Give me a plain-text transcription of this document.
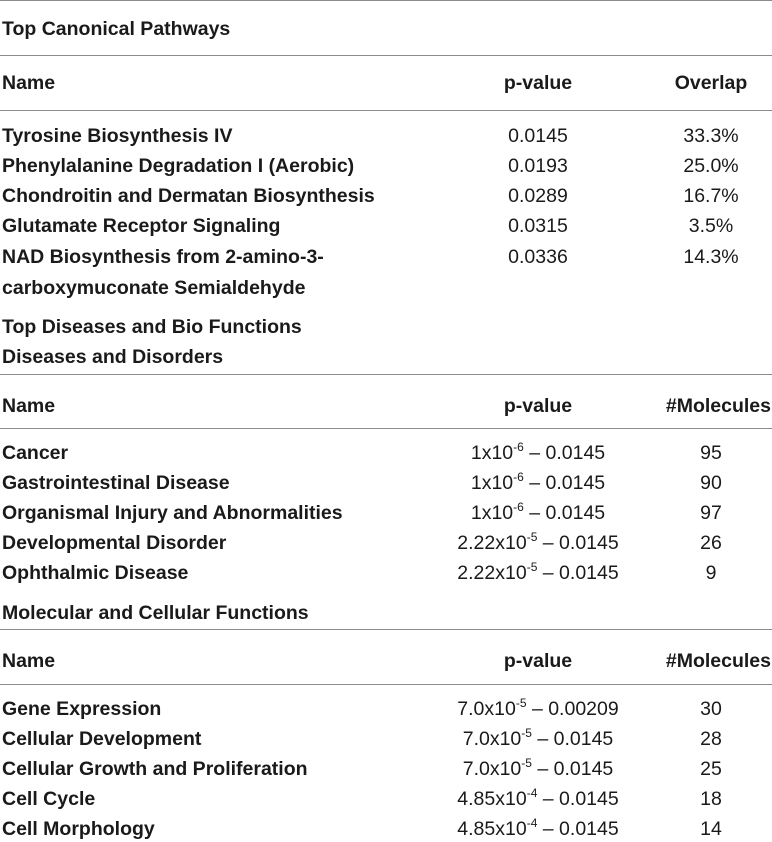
Top Canonical Pathways
Name	p-value	Overlap
Tyrosine Biosynthesis IV	0.0145	33.3%
Phenylalanine Degradation I (Aerobic)	0.0193	25.0%
Chondroitin and Dermatan Biosynthesis	0.0289	16.7%
Glutamate Receptor Signaling	0.0315	3.5%
NAD Biosynthesis from 2-amino-3-
carboxymuconate Semialdehyde
0.0336	14.3%
Top Diseases and Bio Functions
Diseases and Disorders
Name	p-value	#Molecules
Cancer	$1x10^{-6} - 0.0145$	95
Gastrointestinal Disease	$1x10^{-6} - 0.0145$	90
Organismal Injury and Abnormalities	$1x10^{-6} - 0.0145$	97
Developmental Disorder	$2.22x10^{-5} - 0.0145$	26
Ophthalmic Disease	$2.22x10^{-5} - 0.0145$	9
Molecular and Cellular Functions
Name	p-value	#Molecules
Gene Expression	$7.0x10^{-5} - 0.00209$	30
Cellular Development	$7.0x10^{-5} - 0.0145$	28
Cellular Growth and Proliferation	$7.0x10^{-5} - 0.0145$	25
Cell Cycle	$4.85x10^{-4} - 0.0145$	18
Cell Morphology	$4.85x10^{-4} - 0.0145$	14
